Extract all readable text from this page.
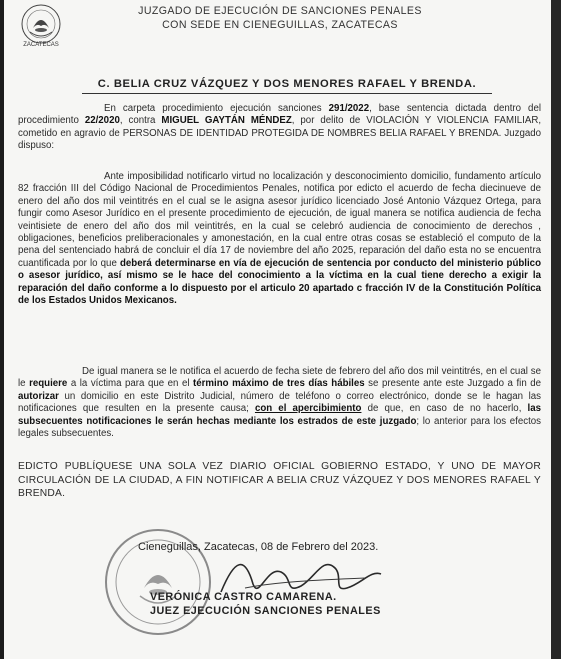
ZACATECAS
JUZGADO DE EJECUCIÓN DE SANCIONES PENALES
CON SEDE EN CIENEGUILLAS, ZACATECAS
C. BELIA CRUZ VÁZQUEZ Y DOS MENORES RAFAEL Y BRENDA.
En carpeta procedimiento ejecución sanciones 291/2022, base sentencia dictada dentro del procedimiento 22/2020, contra MIGUEL GAYTÁN MÉNDEZ, por delito de VIOLACIÓN Y VIOLENCIA FAMILIAR, cometido en agravio de PERSONAS DE IDENTIDAD PROTEGIDA DE NOMBRES BELIA RAFAEL Y BRENDA. Juzgado dispuso:
Ante imposibilidad notificarlo virtud no localización y desconocimiento domicilio, fundamento artículo 82 fracción III del Código Nacional de Procedimientos Penales, notifica por edicto el acuerdo de fecha diecinueve de enero del año dos mil veintitrés en el cual se le asigna asesor jurídico licenciado José Antonio Vázquez Ortega, para fungir como Asesor Jurídico en el presente procedimiento de ejecución, de igual manera se notifica audiencia de fecha veintisiete de enero del año dos mil veintitrés, en la cual se celebró audiencia de conocimiento de derechos , obligaciones, beneficios preliberacionales y amonestación, en la cual entre otras cosas se estableció el computo de la pena del sentenciado habrá de concluir el día 17 de noviembre del año 2025, reparación del daño esta no se encuentra cuantificada por lo que deberá determinarse en vía de ejecución de sentencia por conducto del ministerio público o asesor jurídico, así mismo se le hace del conocimiento a la víctima en la cual tiene derecho a exigir la reparación del daño conforme a lo dispuesto por el articulo 20 apartado c fracción IV de la Constitución Política de los Estados Unidos Mexicanos.
De igual manera se le notifica el acuerdo de fecha siete de febrero del año dos mil veintitrés, en el cual se le requiere a la víctima para que en el término máximo de tres días hábiles se presente ante este Juzgado a fin de autorizar un domicilio en este Distrito Judicial, número de teléfono o correo electrónico, donde se le hagan las notificaciones que resulten en la presente causa; con el apercibimiento de que, en caso de no hacerlo, las subsecuentes notificaciones le serán hechas mediante los estrados de este juzgado; lo anterior para los efectos legales subsecuentes.
EDICTO PUBLÍQUESE UNA SOLA VEZ DIARIO OFICIAL GOBIERNO ESTADO, Y UNO DE MAYOR CIRCULACIÓN DE LA CIUDAD, A FIN NOTIFICAR A BELIA CRUZ VÁZQUEZ Y DOS MENORES RAFAEL Y BRENDA.
Cieneguillas, Zacatecas, 08 de Febrero del 2023.
VERÓNICA CASTRO CAMARENA.
JUEZ EJECUCIÓN SANCIONES PENALES
